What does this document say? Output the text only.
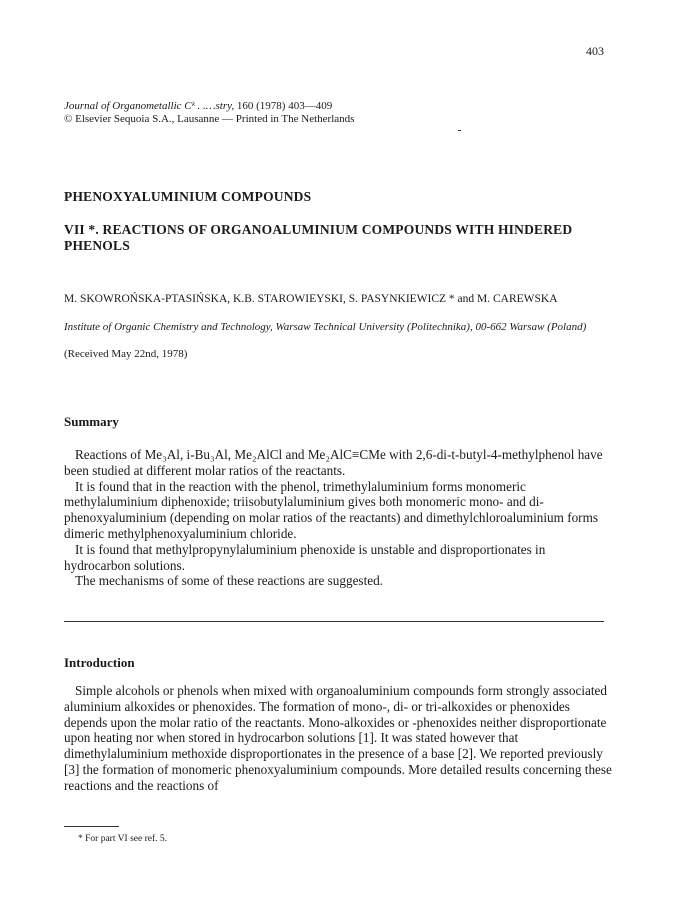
403
Journal of Organometallic Cᵏ . .…stry, 160 (1978) 403—409
© Elsevier Sequoia S.A., Lausanne — Printed in The Netherlands
PHENOXYALUMINIUM COMPOUNDS
VII *. REACTIONS OF ORGANOALUMINIUM COMPOUNDS WITH HINDERED PHENOLS
M. SKOWROŃSKA-PTASIŃSKA, K.B. STAROWIEYSKI, S. PASYNKIEWICZ * and M. CAREWSKA
Institute of Organic Chemistry and Technology, Warsaw Technical University (Politechnika), 00-662 Warsaw (Poland)
(Received May 22nd, 1978)
Summary

Reactions of Me₃Al, i-Bu₃Al, Me₂AlCl and Me₂AlC≡CMe with 2,6-di-t-butyl-4-methylphenol have been studied at different molar ratios of the reactants.

It is found that in the reaction with the phenol, trimethylaluminium forms monomeric methylaluminium diphenoxide; triisobutylaluminium gives both monomeric mono- and di-phenoxyaluminium (depending on molar ratios of the reactants) and dimethylchloroaluminium forms dimeric methylphenoxyaluminium chloride.

It is found that methylpropynylaluminium phenoxide is unstable and disproportionates in hydrocarbon solutions.

The mechanisms of some of these reactions are suggested.

Introduction

Simple alcohols or phenols when mixed with organoaluminium compounds form strongly associated aluminium alkoxides or phenoxides. The formation of mono-, di- or tri-alkoxides or phenoxides depends upon the molar ratio of the reactants. Mono-alkoxides or -phenoxides neither disproportionate upon heating nor when stored in hydrocarbon solutions [1]. It was stated however that dimethylaluminium methoxide disproportionates in the presence of a base [2]. We reported previously [3] the formation of monomeric phenoxyaluminium compounds. More detailed results concerning these reactions and the reactions of

* For part VI see ref. 5.
